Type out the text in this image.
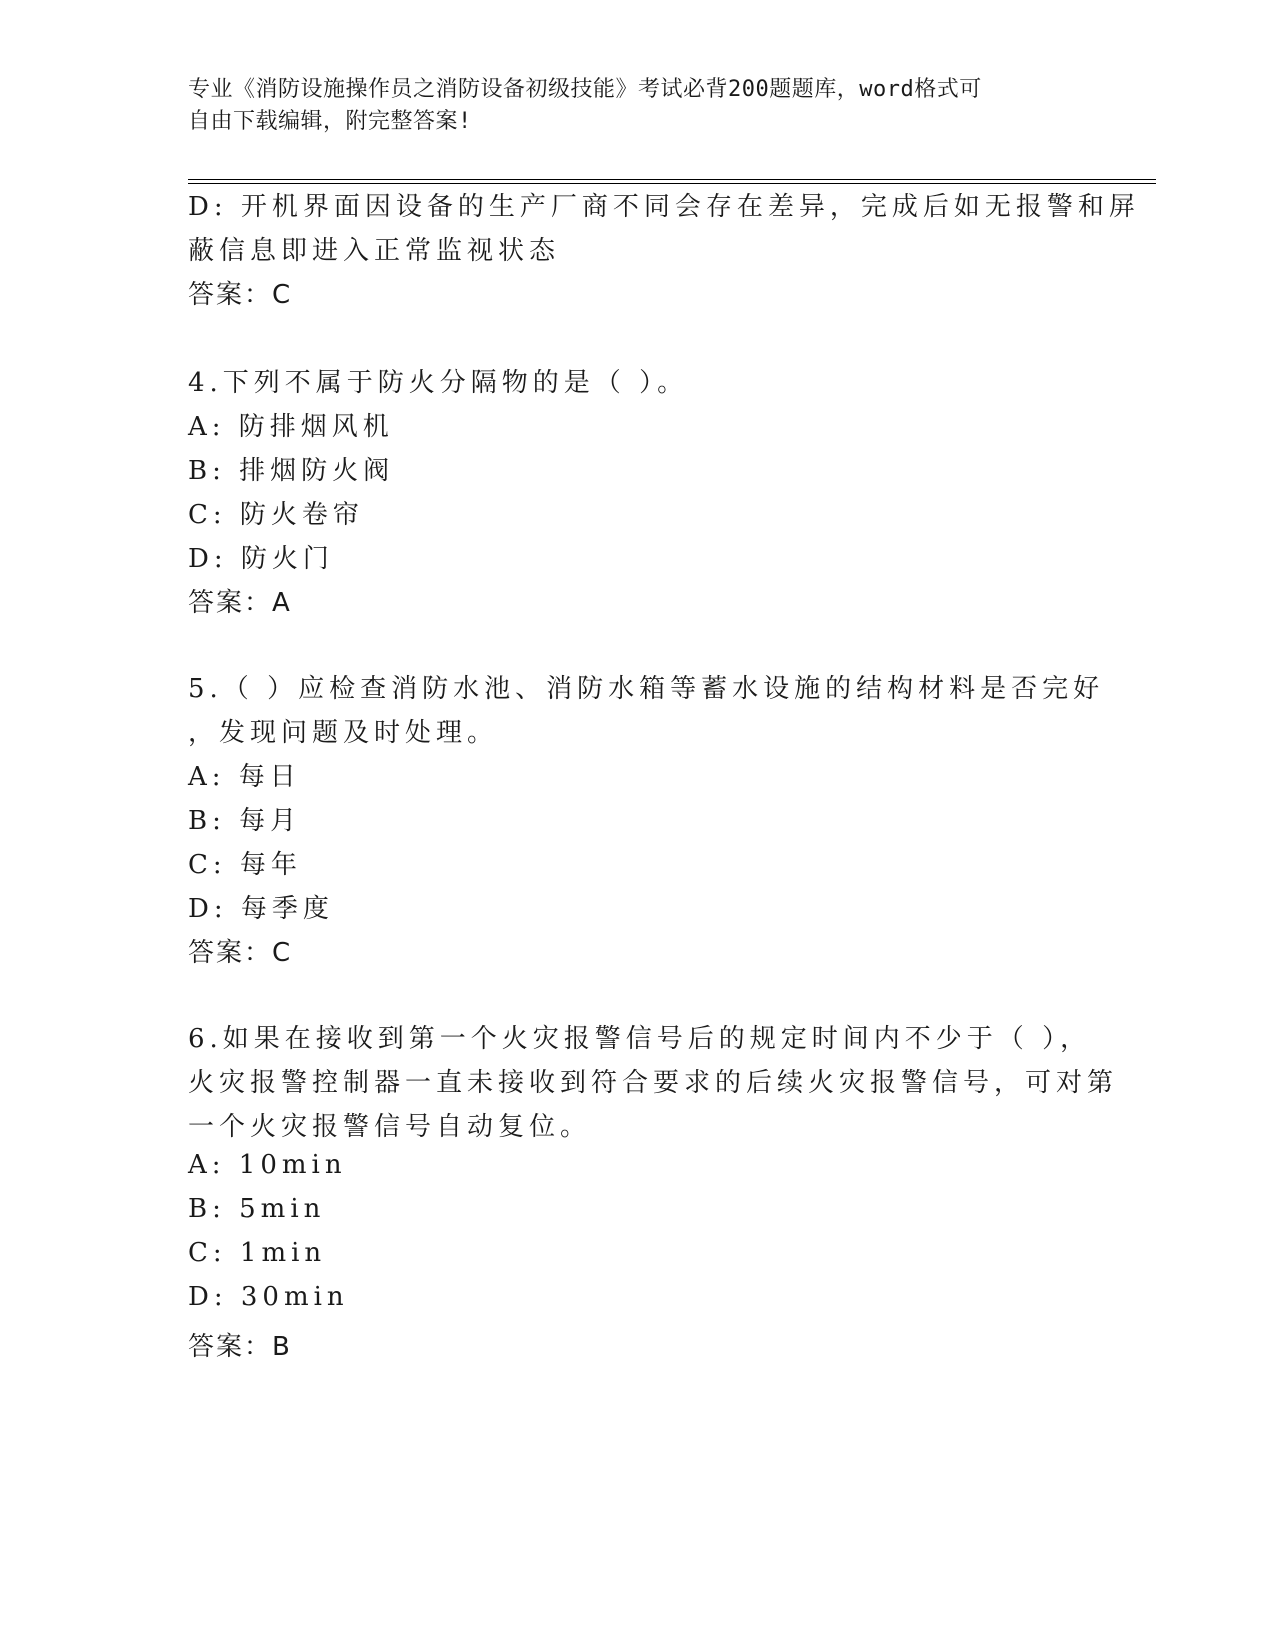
专业《消防设施操作员之消防设备初级技能》考试必背200题题库，word格式可
自由下载编辑，附完整答案!
D: 开机界面因设备的生产厂商不同会存在差异，完成后如无报警和屏
蔽信息即进入正常监视状态
答案：C
4.下列不属于防火分隔物的是（ ）。
A: 防排烟风机
B: 排烟防火阀
C: 防火卷帘
D: 防火门
答案：A
5.（ ）应检查消防水池、消防水箱等蓄水设施的结构材料是否完好
，发现问题及时处理。
A: 每日
B: 每月
C: 每年
D: 每季度
答案：C
6.如果在接收到第一个火灾报警信号后的规定时间内不少于（ ），
火灾报警控制器一直未接收到符合要求的后续火灾报警信号，可对第
一个火灾报警信号自动复位。
A: 10min
B: 5min
C: 1min
D: 30min
答案：B
